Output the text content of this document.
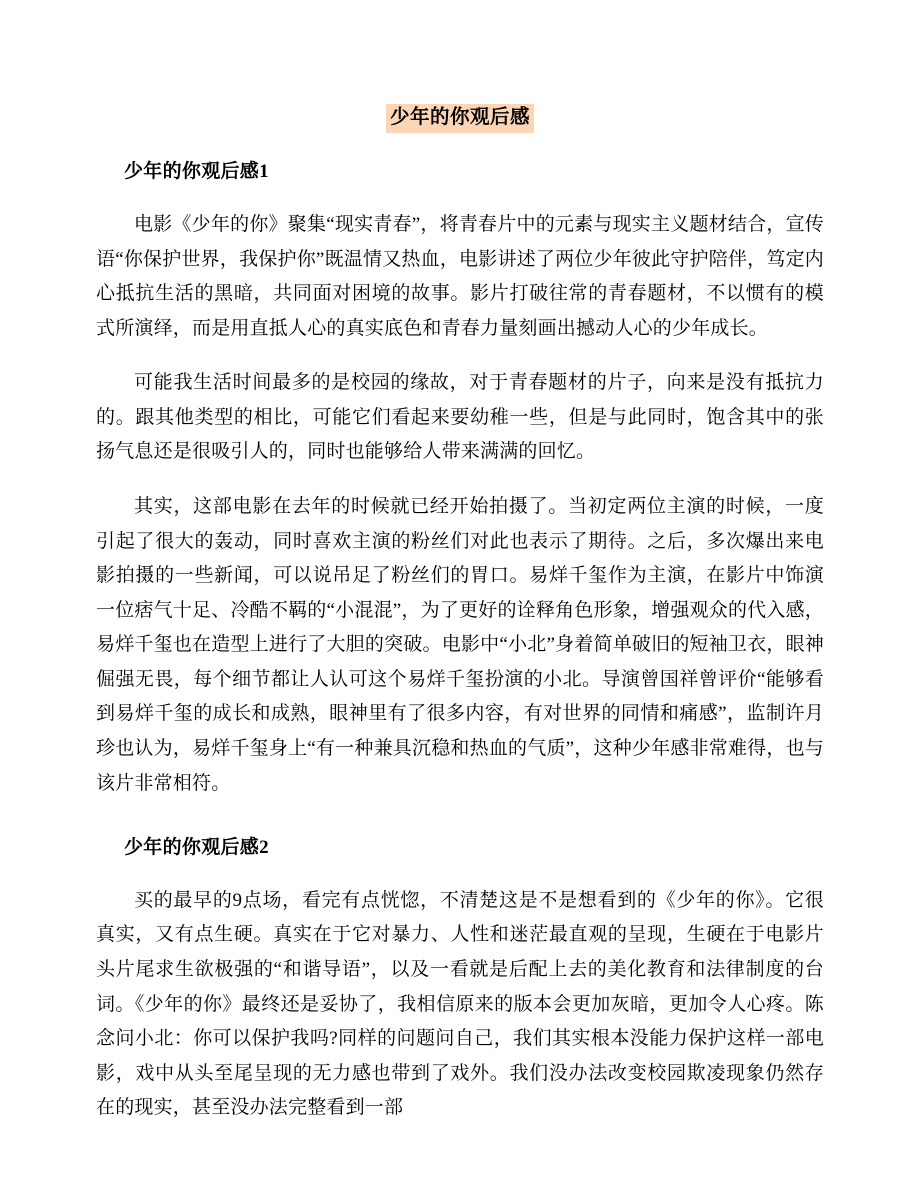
少年的你观后感
少年的你观后感1

电影《少年的你》聚集“现实青春”，将青春片中的元素与现实主义题材结合，宣传语“你保护世界，我保护你”既温情又热血，电影讲述了两位少年彼此守护陪伴，笃定内心抵抗生活的黑暗，共同面对困境的故事。影片打破往常的青春题材，不以惯有的模式所演绎，而是用直抵人心的真实底色和青春力量刻画出撼动人心的少年成长。

可能我生活时间最多的是校园的缘故，对于青春题材的片子，向来是没有抵抗力的。跟其他类型的相比，可能它们看起来要幼稚一些，但是与此同时，饱含其中的张扬气息还是很吸引人的，同时也能够给人带来满满的回忆。

其实，这部电影在去年的时候就已经开始拍摄了。当初定两位主演的时候，一度引起了很大的轰动，同时喜欢主演的粉丝们对此也表示了期待。之后，多次爆出来电影拍摄的一些新闻，可以说吊足了粉丝们的胃口。易烊千玺作为主演，在影片中饰演一位痞气十足、冷酷不羁的“小混混”，为了更好的诠释角色形象，增强观众的代入感，易烊千玺也在造型上进行了大胆的突破。电影中“小北”身着简单破旧的短袖卫衣，眼神倔强无畏，每个细节都让人认可这个易烊千玺扮演的小北。导演曾国祥曾评价“能够看到易烊千玺的成长和成熟，眼神里有了很多内容，有对世界的同情和痛感”，监制许月珍也认为，易烊千玺身上“有一种兼具沉稳和热血的气质”，这种少年感非常难得，也与该片非常相符。

少年的你观后感2

买的最早的9点场，看完有点恍惚，不清楚这是不是想看到的《少年的你》。它很真实，又有点生硬。真实在于它对暴力、人性和迷茫最直观的呈现，生硬在于电影片头片尾求生欲极强的“和谐导语”，以及一看就是后配上去的美化教育和法律制度的台词。《少年的你》最终还是妥协了，我相信原来的版本会更加灰暗，更加令人心疼。陈念问小北：你可以保护我吗?同样的问题问自己，我们其实根本没能力保护这样一部电影，戏中从头至尾呈现的无力感也带到了戏外。我们没办法改变校园欺凌现象仍然存在的现实，甚至没办法完整看到一部
